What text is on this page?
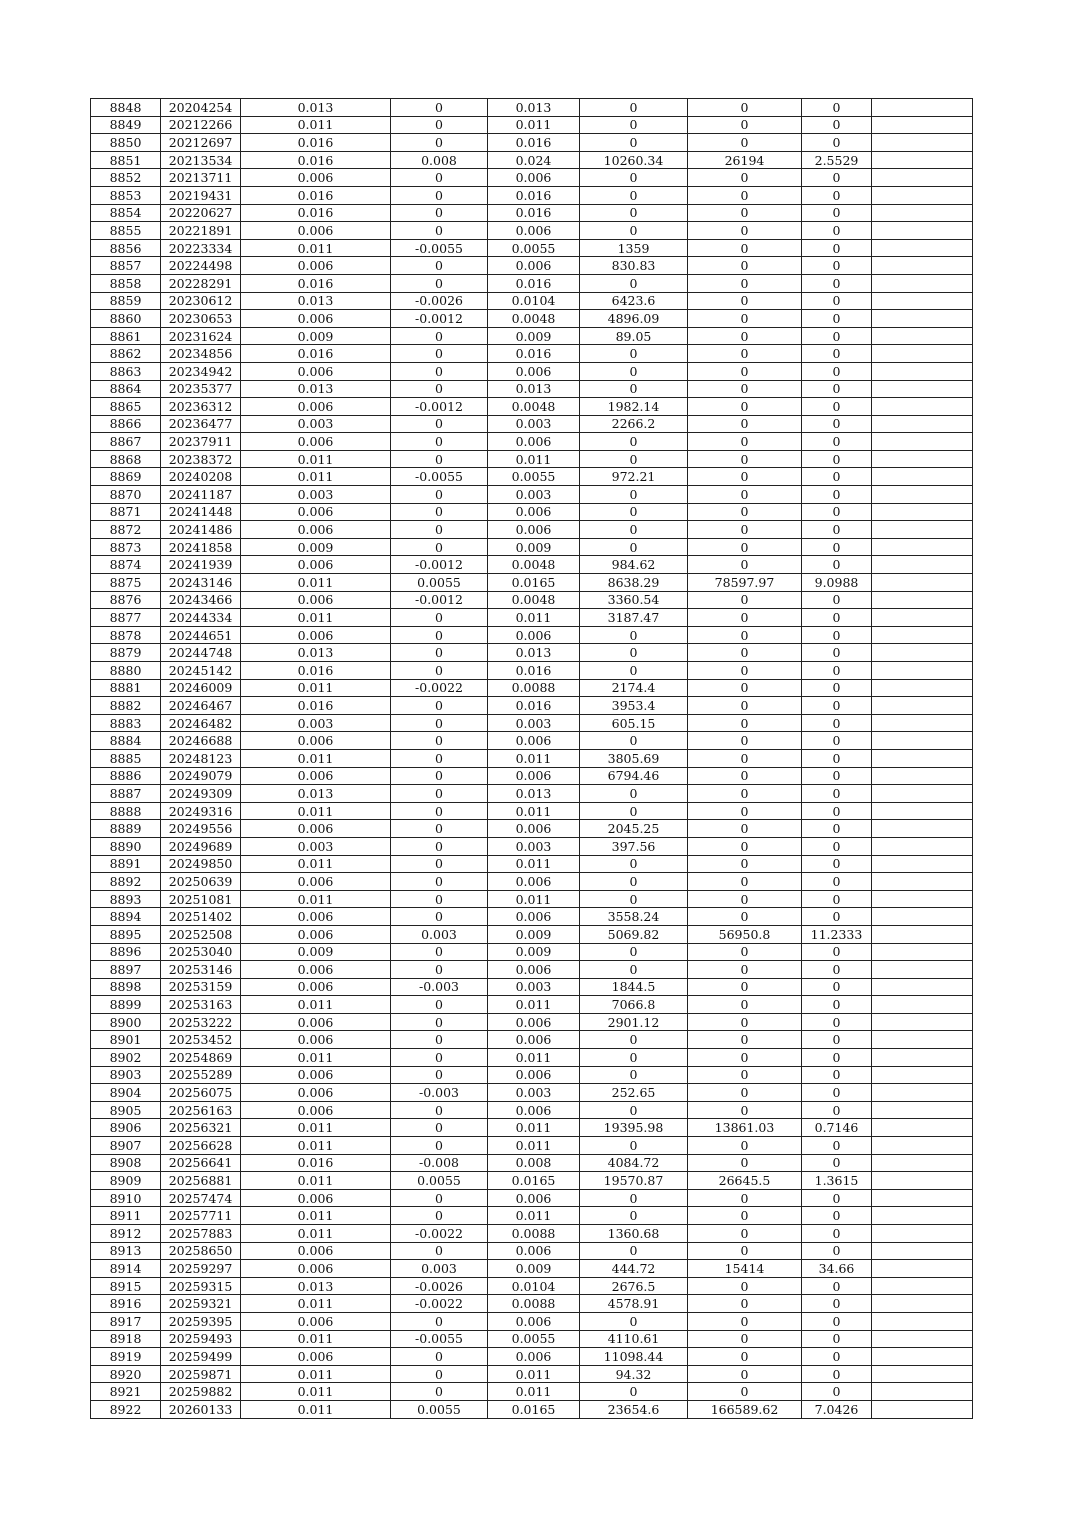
8848	20204254	0.013	0	0.013	0	0	0	
8849	20212266	0.011	0	0.011	0	0	0	
8850	20212697	0.016	0	0.016	0	0	0	
8851	20213534	0.016	0.008	0.024	10260.34	26194	2.5529	
8852	20213711	0.006	0	0.006	0	0	0	
8853	20219431	0.016	0	0.016	0	0	0	
8854	20220627	0.016	0	0.016	0	0	0	
8855	20221891	0.006	0	0.006	0	0	0	
8856	20223334	0.011	-0.0055	0.0055	1359	0	0	
8857	20224498	0.006	0	0.006	830.83	0	0	
8858	20228291	0.016	0	0.016	0	0	0	
8859	20230612	0.013	-0.0026	0.0104	6423.6	0	0	
8860	20230653	0.006	-0.0012	0.0048	4896.09	0	0	
8861	20231624	0.009	0	0.009	89.05	0	0	
8862	20234856	0.016	0	0.016	0	0	0	
8863	20234942	0.006	0	0.006	0	0	0	
8864	20235377	0.013	0	0.013	0	0	0	
8865	20236312	0.006	-0.0012	0.0048	1982.14	0	0	
8866	20236477	0.003	0	0.003	2266.2	0	0	
8867	20237911	0.006	0	0.006	0	0	0	
8868	20238372	0.011	0	0.011	0	0	0	
8869	20240208	0.011	-0.0055	0.0055	972.21	0	0	
8870	20241187	0.003	0	0.003	0	0	0	
8871	20241448	0.006	0	0.006	0	0	0	
8872	20241486	0.006	0	0.006	0	0	0	
8873	20241858	0.009	0	0.009	0	0	0	
8874	20241939	0.006	-0.0012	0.0048	984.62	0	0	
8875	20243146	0.011	0.0055	0.0165	8638.29	78597.97	9.0988	
8876	20243466	0.006	-0.0012	0.0048	3360.54	0	0	
8877	20244334	0.011	0	0.011	3187.47	0	0	
8878	20244651	0.006	0	0.006	0	0	0	
8879	20244748	0.013	0	0.013	0	0	0	
8880	20245142	0.016	0	0.016	0	0	0	
8881	20246009	0.011	-0.0022	0.0088	2174.4	0	0	
8882	20246467	0.016	0	0.016	3953.4	0	0	
8883	20246482	0.003	0	0.003	605.15	0	0	
8884	20246688	0.006	0	0.006	0	0	0	
8885	20248123	0.011	0	0.011	3805.69	0	0	
8886	20249079	0.006	0	0.006	6794.46	0	0	
8887	20249309	0.013	0	0.013	0	0	0	
8888	20249316	0.011	0	0.011	0	0	0	
8889	20249556	0.006	0	0.006	2045.25	0	0	
8890	20249689	0.003	0	0.003	397.56	0	0	
8891	20249850	0.011	0	0.011	0	0	0	
8892	20250639	0.006	0	0.006	0	0	0	
8893	20251081	0.011	0	0.011	0	0	0	
8894	20251402	0.006	0	0.006	3558.24	0	0	
8895	20252508	0.006	0.003	0.009	5069.82	56950.8	11.2333	
8896	20253040	0.009	0	0.009	0	0	0	
8897	20253146	0.006	0	0.006	0	0	0	
8898	20253159	0.006	-0.003	0.003	1844.5	0	0	
8899	20253163	0.011	0	0.011	7066.8	0	0	
8900	20253222	0.006	0	0.006	2901.12	0	0	
8901	20253452	0.006	0	0.006	0	0	0	
8902	20254869	0.011	0	0.011	0	0	0	
8903	20255289	0.006	0	0.006	0	0	0	
8904	20256075	0.006	-0.003	0.003	252.65	0	0	
8905	20256163	0.006	0	0.006	0	0	0	
8906	20256321	0.011	0	0.011	19395.98	13861.03	0.7146	
8907	20256628	0.011	0	0.011	0	0	0	
8908	20256641	0.016	-0.008	0.008	4084.72	0	0	
8909	20256881	0.011	0.0055	0.0165	19570.87	26645.5	1.3615	
8910	20257474	0.006	0	0.006	0	0	0	
8911	20257711	0.011	0	0.011	0	0	0	
8912	20257883	0.011	-0.0022	0.0088	1360.68	0	0	
8913	20258650	0.006	0	0.006	0	0	0	
8914	20259297	0.006	0.003	0.009	444.72	15414	34.66	
8915	20259315	0.013	-0.0026	0.0104	2676.5	0	0	
8916	20259321	0.011	-0.0022	0.0088	4578.91	0	0	
8917	20259395	0.006	0	0.006	0	0	0	
8918	20259493	0.011	-0.0055	0.0055	4110.61	0	0	
8919	20259499	0.006	0	0.006	11098.44	0	0	
8920	20259871	0.011	0	0.011	94.32	0	0	
8921	20259882	0.011	0	0.011	0	0	0	
8922	20260133	0.011	0.0055	0.0165	23654.6	166589.62	7.0426	
